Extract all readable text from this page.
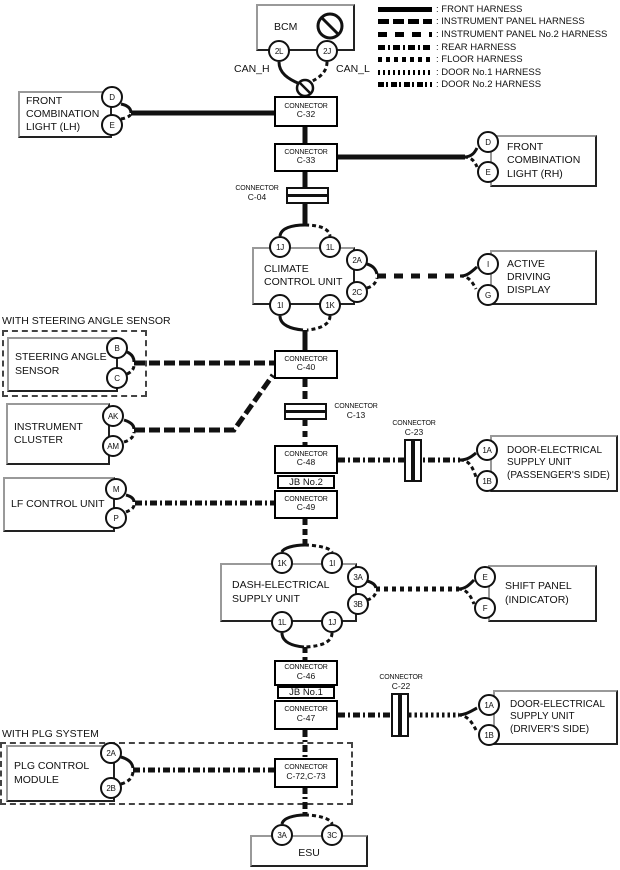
: FRONT HARNESS
: INSTRUMENT PANEL HARNESS
: INSTRUMENT PANEL No.2 HARNESS
: REAR HARNESS
: FLOOR HARNESS
: DOOR No.1 HARNESS
: DOOR No.2 HARNESS
BCM
FRONT COMBINATION LIGHT (LH)
FRONT COMBINATION LIGHT (RH)
CLIMATE CONTROL UNIT
ACTIVE DRIVING DISPLAY
STEERING ANGLE SENSOR
INSTRUMENT CLUSTER
LF CONTROL UNIT
DOOR-ELECTRICAL SUPPLY UNIT (PASSENGER'S SIDE)
DASH-ELECTRICAL SUPPLY UNIT
SHIFT PANEL (INDICATOR)
DOOR-ELECTRICAL SUPPLY UNIT (DRIVER'S SIDE)
PLG CONTROL MODULE
ESU
CONNECTOR
C-32
CONNECTOR
C-33
CONNECTOR
C-40
CONNECTOR
C-48
JB No.2
CONNECTOR
C-49
CONNECTOR
C-46
JB No.1
CONNECTOR
C-47
CONNECTOR
C-72,C-73
CONNECTOR
C-04
CONNECTOR
C-13
CONNECTOR
C-23
CONNECTOR
C-22
CAN_H	CAN_L
WITH STEERING ANGLE SENSOR
WITH PLG SYSTEM
2L	2J
D
E
D
E
1J	1L
1I	1K
2A
2C
I
G
B
C
AK
AM	1A
1B
M
P
1K	1I
1L	1J
3A
3B
E
F
1A
1B
2A
2B
3A	3C
